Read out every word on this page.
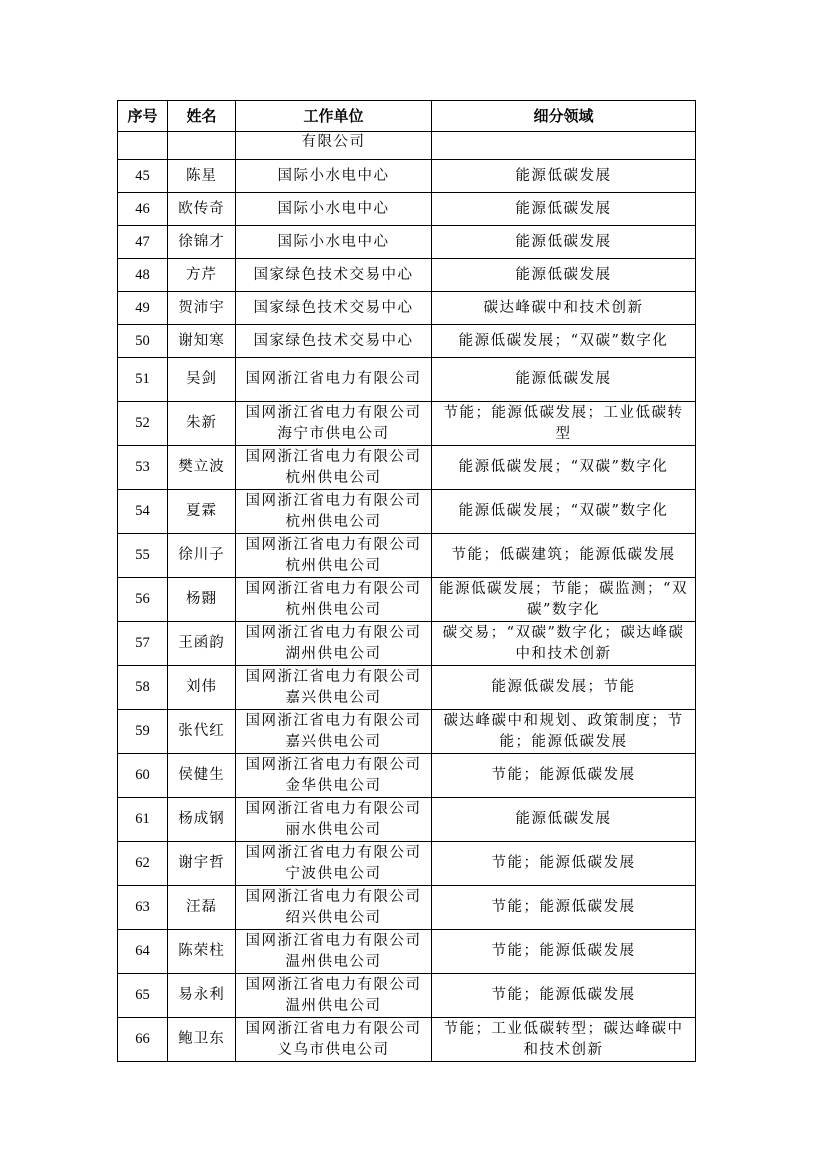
序号	姓名	工作单位	细分领域
		有限公司	
45	陈星	国际小水电中心	能源低碳发展
46	欧传奇	国际小水电中心	能源低碳发展
47	徐锦才	国际小水电中心	能源低碳发展
48	方芹	国家绿色技术交易中心	能源低碳发展
49	贺沛宇	国家绿色技术交易中心	碳达峰碳中和技术创新
50	谢知寒	国家绿色技术交易中心	能源低碳发展；“双碳”数字化
51	吴剑	国网浙江省电力有限公司	能源低碳发展
52	朱新	国网浙江省电力有限公司海宁市供电公司	节能；能源低碳发展；工业低碳转型
53	樊立波	国网浙江省电力有限公司杭州供电公司	能源低碳发展；“双碳”数字化
54	夏霖	国网浙江省电力有限公司杭州供电公司	能源低碳发展；“双碳”数字化
55	徐川子	国网浙江省电力有限公司杭州供电公司	节能；低碳建筑；能源低碳发展
56	杨翾	国网浙江省电力有限公司杭州供电公司	能源低碳发展；节能；碳监测；“双碳”数字化
57	王函韵	国网浙江省电力有限公司湖州供电公司	碳交易；“双碳”数字化；碳达峰碳中和技术创新
58	刘伟	国网浙江省电力有限公司嘉兴供电公司	能源低碳发展；节能
59	张代红	国网浙江省电力有限公司嘉兴供电公司	碳达峰碳中和规划、政策制度；节能；能源低碳发展
60	侯健生	国网浙江省电力有限公司金华供电公司	节能；能源低碳发展
61	杨成钢	国网浙江省电力有限公司丽水供电公司	能源低碳发展
62	谢宇哲	国网浙江省电力有限公司宁波供电公司	节能；能源低碳发展
63	汪磊	国网浙江省电力有限公司绍兴供电公司	节能；能源低碳发展
64	陈荣柱	国网浙江省电力有限公司温州供电公司	节能；能源低碳发展
65	易永利	国网浙江省电力有限公司温州供电公司	节能；能源低碳发展
66	鲍卫东	国网浙江省电力有限公司义乌市供电公司	节能；工业低碳转型；碳达峰碳中和技术创新
